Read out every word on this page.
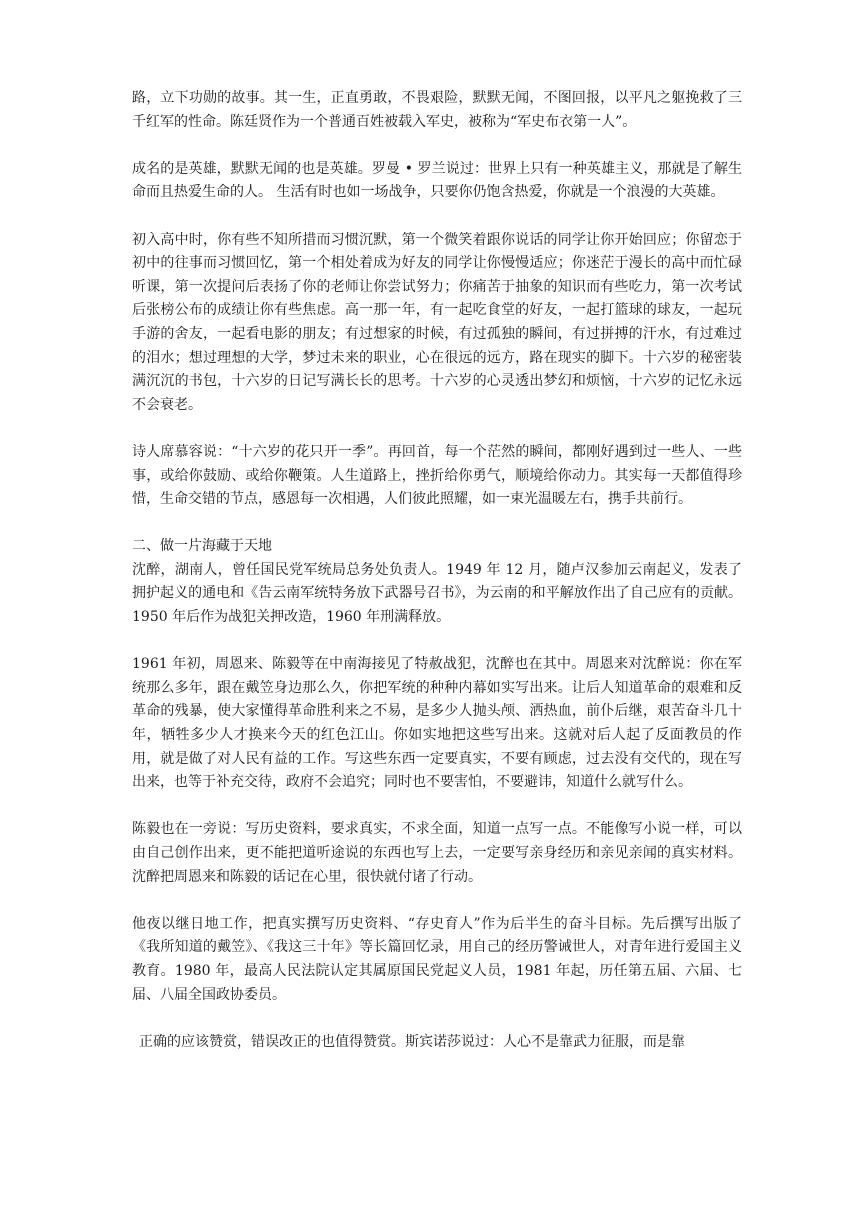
路，立下功勋的故事。其一生，正直勇敢，不畏艰险，默默无闻，不图回报，以平凡之躯挽救了三千红军的性命。陈廷贤作为一个普通百姓被载入军史，被称为“军史布衣第一人”。

成名的是英雄，默默无闻的也是英雄。罗曼 • 罗兰说过：世界上只有一种英雄主义，那就是了解生命而且热爱生命的人。 生活有时也如一场战争，只要你仍饱含热爱，你就是一个浪漫的大英雄。

初入高中时，你有些不知所措而习惯沉默，第一个微笑着跟你说话的同学让你开始回应；你留恋于初中的往事而习惯回忆，第一个相处着成为好友的同学让你慢慢适应；你迷茫于漫长的高中而忙碌听课，第一次提问后表扬了你的老师让你尝试努力；你痛苦于抽象的知识而有些吃力，第一次考试后张榜公布的成绩让你有些焦虑。高一那一年，有一起吃食堂的好友，一起打篮球的球友，一起玩手游的舍友，一起看电影的朋友；有过想家的时候，有过孤独的瞬间，有过拼搏的汗水，有过难过的泪水；想过理想的大学，梦过未来的职业，心在很远的远方，路在现实的脚下。十六岁的秘密装满沉沉的书包，十六岁的日记写满长长的思考。十六岁的心灵透出梦幻和烦恼，十六岁的记忆永远不会衰老。

诗人席慕容说：“十六岁的花只开一季”。再回首，每一个茫然的瞬间，都刚好遇到过一些人、一些事，或给你鼓励、或给你鞭策。人生道路上，挫折给你勇气，顺境给你动力。其实每一天都值得珍惜，生命交错的节点，感恩每一次相遇，人们彼此照耀，如一束光温暖左右，携手共前行。

二、做一片海藏于天地

沈醉，湖南人，曾任国民党军统局总务处负责人。1949 年 12 月，随卢汉参加云南起义，发表了拥护起义的通电和《告云南军统特务放下武器号召书》，为云南的和平解放作出了自己应有的贡献。1950 年后作为战犯关押改造，1960 年刑满释放。

1961 年初，周恩来、陈毅等在中南海接见了特赦战犯，沈醉也在其中。周恩来对沈醉说：你在军统那么多年，跟在戴笠身边那么久，你把军统的种种内幕如实写出来。让后人知道革命的艰难和反革命的残暴，使大家懂得革命胜利来之不易，是多少人抛头颅、洒热血，前仆后继，艰苦奋斗几十年，牺牲多少人才换来今天的红色江山。你如实地把这些写出来。这就对后人起了反面教员的作用，就是做了对人民有益的工作。写这些东西一定要真实，不要有顾虑，过去没有交代的，现在写出来，也等于补充交待，政府不会追究；同时也不要害怕，不要避讳，知道什么就写什么。

陈毅也在一旁说：写历史资料，要求真实，不求全面，知道一点写一点。不能像写小说一样，可以由自己创作出来，更不能把道听途说的东西也写上去，一定要写亲身经历和亲见亲闻的真实材料。沈醉把周恩来和陈毅的话记在心里，很快就付诸了行动。

他夜以继日地工作，把真实撰写历史资料、“存史育人”作为后半生的奋斗目标。先后撰写出版了《我所知道的戴笠》、《我这三十年》等长篇回忆录，用自己的经历警诫世人，对青年进行爱国主义教育。1980 年，最高人民法院认定其属原国民党起义人员，1981 年起，历任第五届、六届、七届、八届全国政协委员。

正确的应该赞赏，错误改正的也值得赞赏。斯宾诺莎说过：人心不是靠武力征服，而是靠
